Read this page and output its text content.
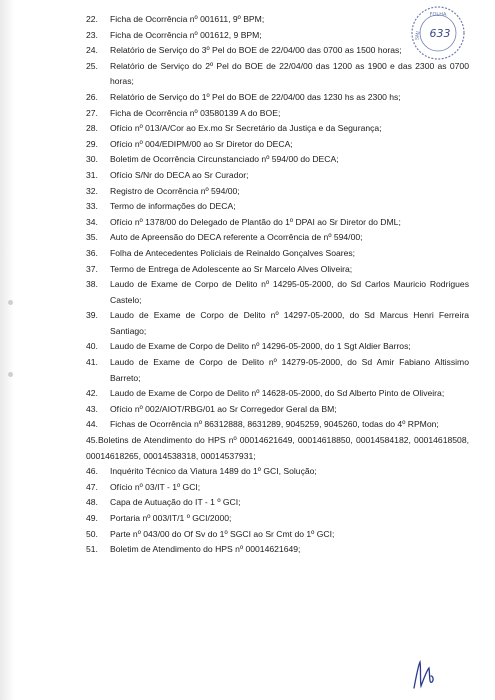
FOLHA
SMJ 633
22. Ficha de Ocorrência nº 001611, 9º BPM;
23. Ficha de Ocorrência nº 001612, 9 BPM;
24. Relatório de Serviço do 3º Pel do BOE de 22/04/00 das 0700 as 1500 horas;
25. Relatório de Serviço do 2º Pel do BOE de 22/04/00 das 1200 as 1900 e das 2300 as 0700 horas;
26. Relatório de Serviço do 1º Pel do BOE de 22/04/00 das 1230 hs as 2300 hs;
27. Ficha de Ocorrência nº 03580139 A do BOE;
28. Ofício nº 013/A/Cor ao Ex.mo Sr Secretário da Justiça e da Segurança;
29. Ofício nº 004/EDIPM/00 ao Sr Diretor do DECA;
30. Boletim de Ocorrência Circunstanciado nº 594/00 do DECA;
31. Ofício S/Nr do DECA ao Sr Curador;
32. Registro de Ocorrência nº 594/00;
33. Termo de informações do DECA;
34. Ofício nº 1378/00 do Delegado de Plantão do 1º DPAI ao Sr Diretor do DML;
35. Auto de Apreensão do DECA referente a Ocorrência de nº 594/00;
36. Folha de Antecedentes Policiais de Reinaldo Gonçalves Soares;
37. Termo de Entrega de Adolescente ao Sr Marcelo Alves Oliveira;
38. Laudo de Exame de Corpo de Delito nº 14295-05-2000, do Sd Carlos Mauricio Rodrigues Castelo;
39. Laudo de Exame de Corpo de Delito nº 14297-05-2000, do Sd Marcus Henri Ferreira Santiago;
40. Laudo de Exame de Corpo de Delito nº 14296-05-2000, do 1 Sgt Aldier Barros;
41. Laudo de Exame de Corpo de Delito nº 14279-05-2000, do Sd Amir Fabiano Altissimo Barreto;
42. Laudo de Exame de Corpo de Delito nº 14628-05-2000, do Sd Alberto Pinto de Oliveira;
43. Ofício nº 002/AIOT/RBG/01 ao Sr Corregedor Geral da BM;
44. Fichas de Ocorrência nº 86312888, 8631289, 9045259, 9045260, todas do 4º RPMon;
45.Boletins de Atendimento do HPS nº 00014621649, 00014618850, 00014584182, 00014618508, 00014618265, 00014538318, 00014537931;
46. Inquérito Técnico da Viatura 1489 do 1º GCI, Solução;
47. Ofício nº 03/IT - 1º GCI;
48. Capa de Autuação do IT - 1 º GCI;
49. Portaria nº 003/IT/1 º GCI/2000;
50. Parte nº 043/00 do Of Sv do 1º SGCI ao Sr Cmt do 1º GCI;
51. Boletim de Atendimento do HPS nº 00014621649;
